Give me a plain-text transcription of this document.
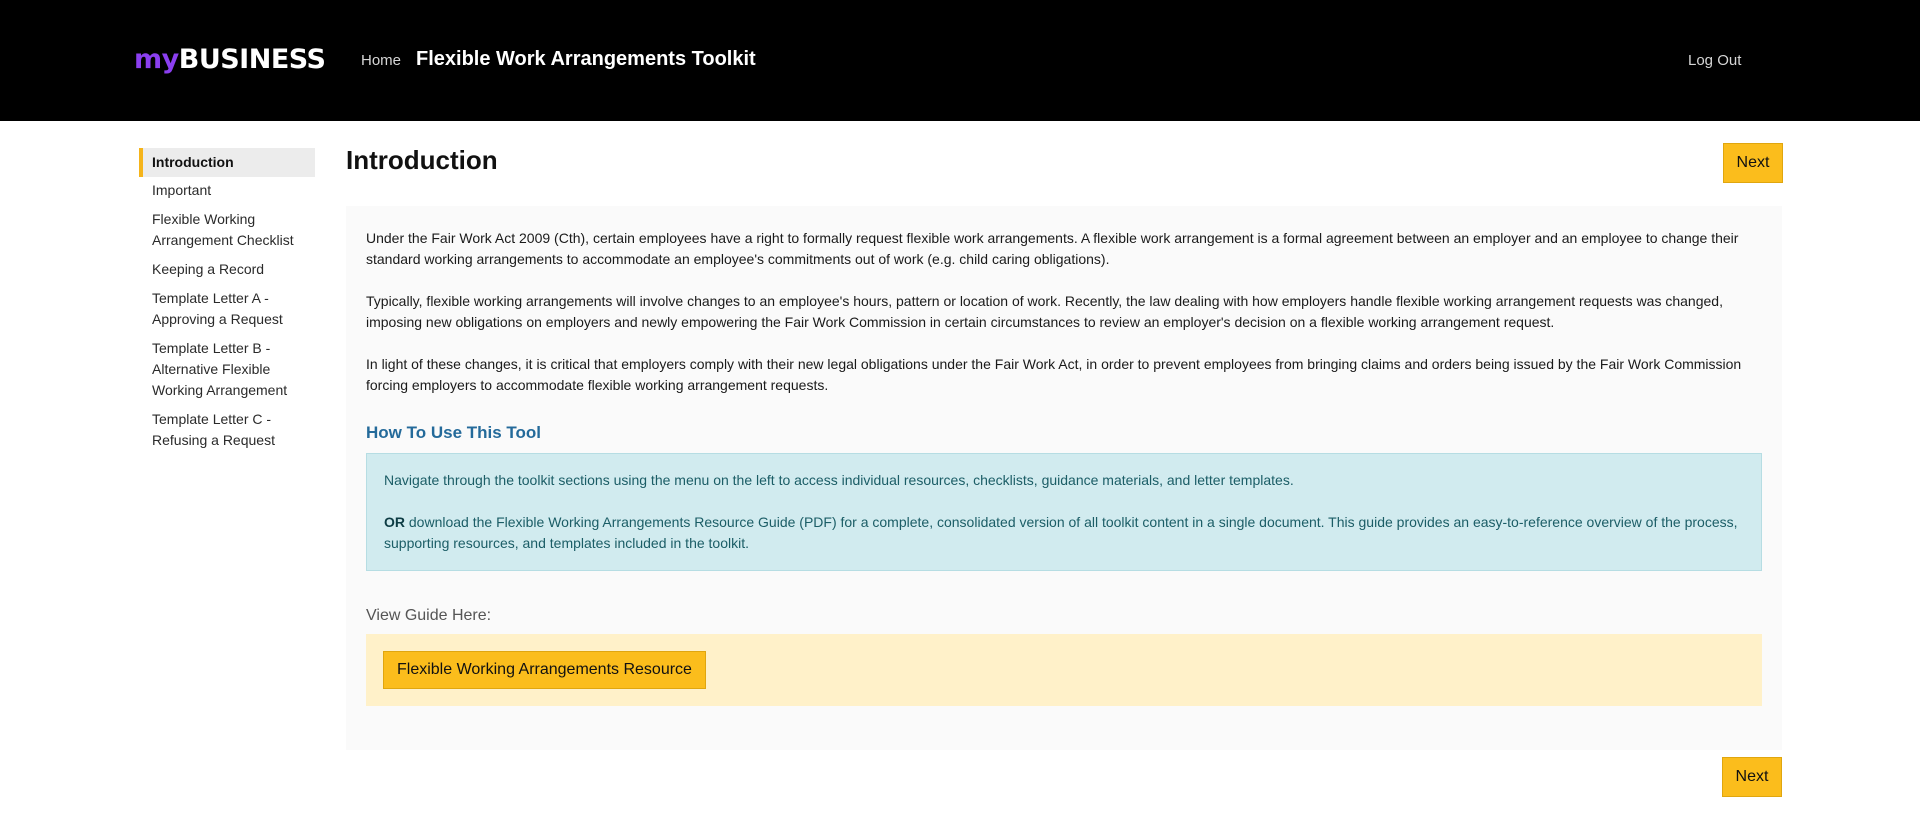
myBUSINESS Home Flexible Work Arrangements Toolkit	Log Out
Introduction
Important
Flexible Working Arrangement Checklist
Keeping a Record
Template Letter A - Approving a Request
Template Letter B - Alternative Flexible Working Arrangement
Template Letter C - Refusing a Request
Introduction	Next

Under the Fair Work Act 2009 (Cth), certain employees have a right to formally request flexible work arrangements. A flexible work arrangement is a formal agreement between an employer and an employee to change their standard working arrangements to accommodate an employee's commitments out of work (e.g. child caring obligations).

Typically, flexible working arrangements will involve changes to an employee's hours, pattern or location of work. Recently, the law dealing with how employers handle flexible working arrangement requests was changed, imposing new obligations on employers and newly empowering the Fair Work Commission in certain circumstances to review an employer's decision on a flexible working arrangement request.

In light of these changes, it is critical that employers comply with their new legal obligations under the Fair Work Act, in order to prevent employees from bringing claims and orders being issued by the Fair Work Commission forcing employers to accommodate flexible working arrangement requests.

How To Use This Tool

Navigate through the toolkit sections using the menu on the left to access individual resources, checklists, guidance materials, and letter templates.

OR download the Flexible Working Arrangements Resource Guide (PDF) for a complete, consolidated version of all toolkit content in a single document. This guide provides an easy-to-reference overview of the process, supporting resources, and templates included in the toolkit.

View Guide Here:
Flexible Working Arrangements Resource
Next
